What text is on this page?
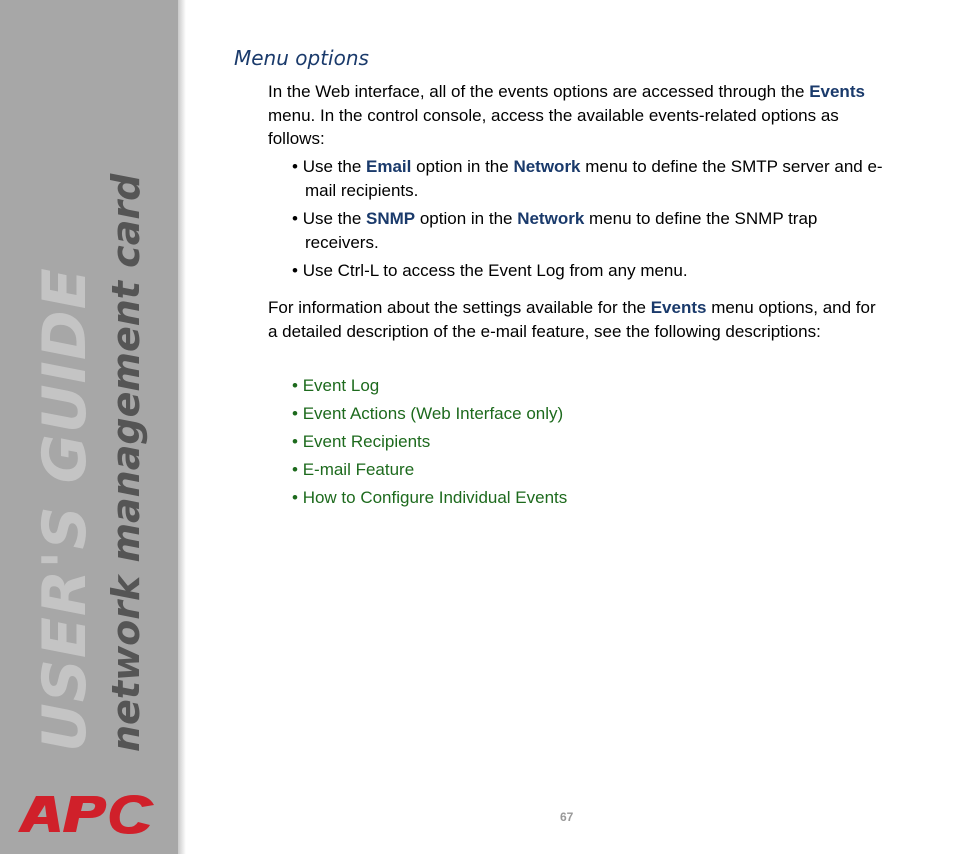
USER'S GUIDE network management card
Menu options

In the Web interface, all of the events options are accessed through the Events menu. In the control console, access the available events-related options as follows:

• Use the Email option in the Network menu to define the SMTP server and e-mail recipients.

• Use the SNMP option in the Network menu to define the SNMP trap receivers.

• Use Ctrl-L to access the Event Log from any menu.

For information about the settings available for the Events menu options, and for a detailed description of the e-mail feature, see the following descriptions:

• Event Log

• Event Actions (Web Interface only)

• Event Recipients

• E-mail Feature

• How to Configure Individual Events

67
